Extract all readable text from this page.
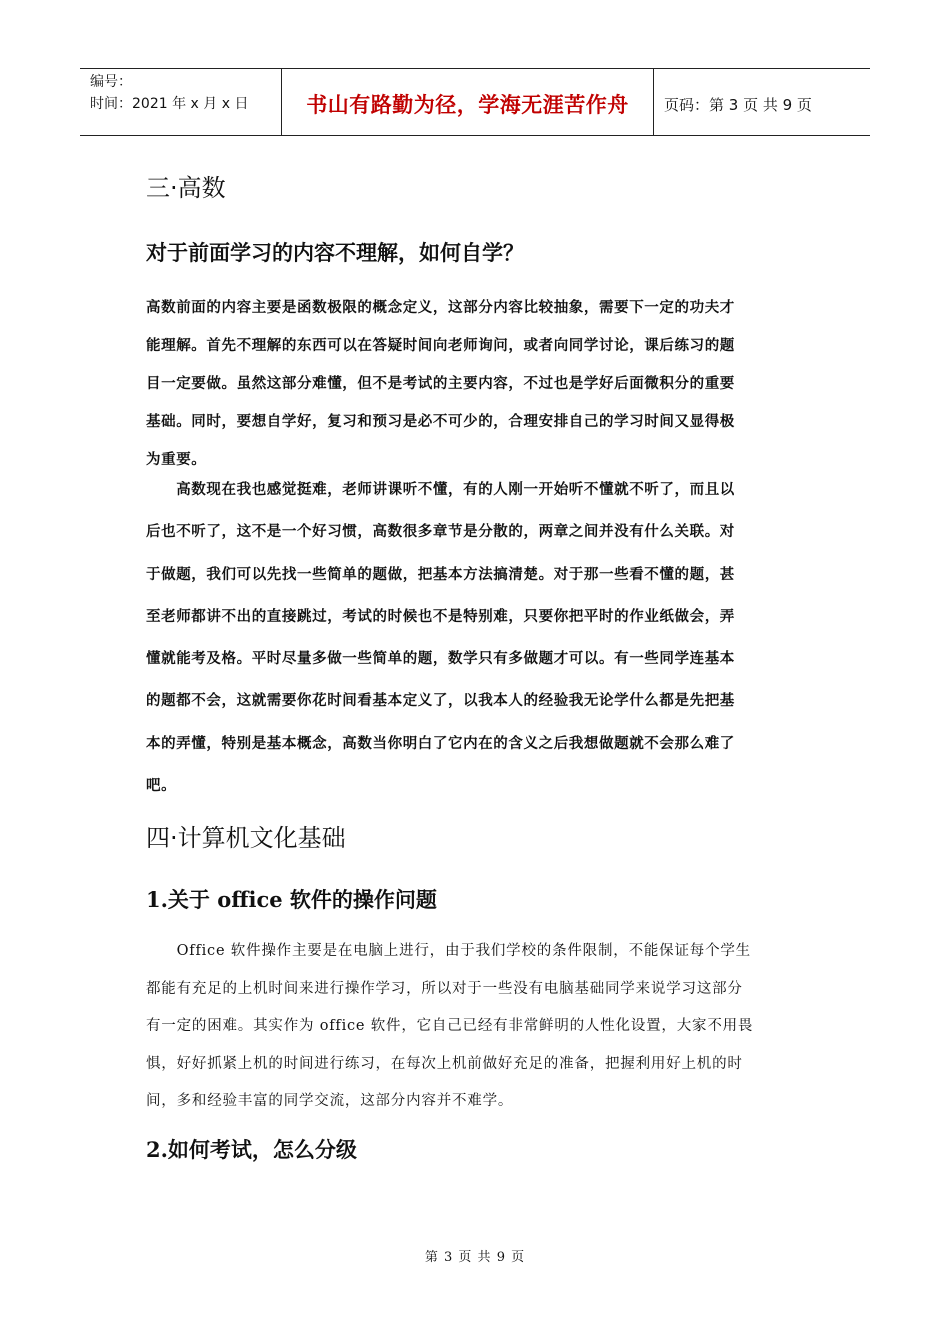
编号：
时间：2021 年 x 月 x 日	书山有路勤为径，学海无涯苦作舟	页码：第 3 页 共 9 页
三·高数
对于前面学习的内容不理解，如何自学？

高数前面的内容主要是函数极限的概念定义，这部分内容比较抽象，需要下一定的功夫才
能理解。首先不理解的东西可以在答疑时间向老师询问，或者向同学讨论，课后练习的题
目一定要做。虽然这部分难懂，但不是考试的主要内容，不过也是学好后面微积分的重要
基础。同时，要想自学好，复习和预习是必不可少的，合理安排自己的学习时间又显得极
为重要。

　　高数现在我也感觉挺难，老师讲课听不懂，有的人刚一开始听不懂就不听了，而且以
后也不听了，这不是一个好习惯，高数很多章节是分散的，两章之间并没有什么关联。对
于做题，我们可以先找一些简单的题做，把基本方法搞清楚。对于那一些看不懂的题，甚
至老师都讲不出的直接跳过，考试的时候也不是特别难，只要你把平时的作业纸做会，弄
懂就能考及格。平时尽量多做一些简单的题，数学只有多做题才可以。有一些同学连基本
的题都不会，这就需要你花时间看基本定义了，以我本人的经验我无论学什么都是先把基
本的弄懂，特别是基本概念，高数当你明白了它内在的含义之后我想做题就不会那么难了
吧。

四·计算机文化基础
1.关于 office 软件的操作问题

　　Office 软件操作主要是在电脑上进行，由于我们学校的条件限制，不能保证每个学生
都能有充足的上机时间来进行操作学习，所以对于一些没有电脑基础同学来说学习这部分
有一定的困难。其实作为 office 软件，它自己已经有非常鲜明的人性化设置，大家不用畏
惧，好好抓紧上机的时间进行练习，在每次上机前做好充足的准备，把握利用好上机的时
间，多和经验丰富的同学交流，这部分内容并不难学。

2.如何考试，怎么分级
第 3 页 共 9 页
